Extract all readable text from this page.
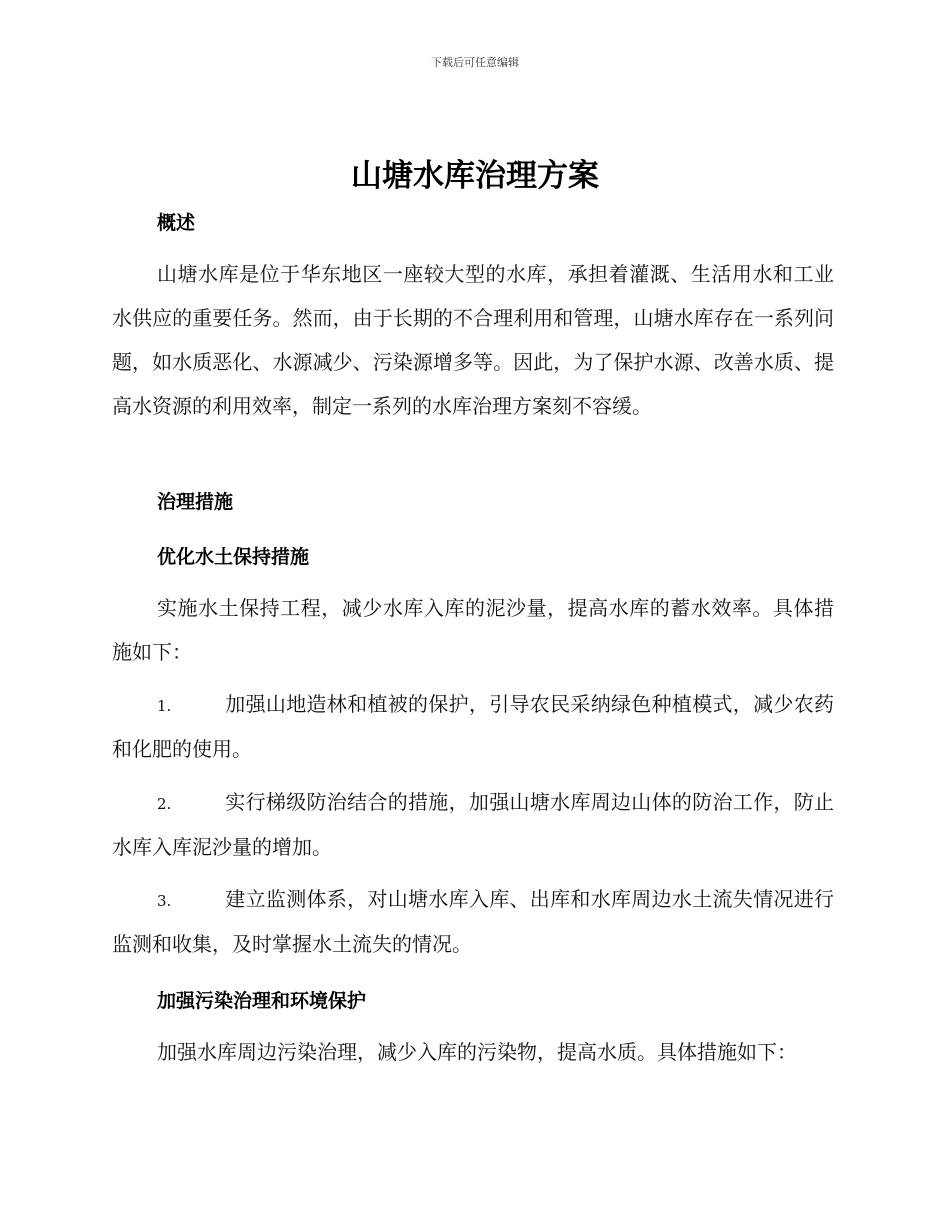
下载后可任意编辑
山塘水库治理方案
概述

山塘水库是位于华东地区一座较大型的水库，承担着灌溉、生活用水和工业水供应的重要任务。然而，由于长期的不合理利用和管理，山塘水库存在一系列问题，如水质恶化、水源减少、污染源增多等。因此，为了保护水源、改善水质、提高水资源的利用效率，制定一系列的水库治理方案刻不容缓。

治理措施
优化水土保持措施

实施水土保持工程，减少水库入库的泥沙量，提高水库的蓄水效率。具体措施如下：

1.	加强山地造林和植被的保护，引导农民采纳绿色种植模式，减少农药和化肥的使用。

2.	实行梯级防治结合的措施，加强山塘水库周边山体的防治工作，防止水库入库泥沙量的增加。

3.	建立监测体系，对山塘水库入库、出库和水库周边水土流失情况进行监测和收集，及时掌握水土流失的情况。

加强污染治理和环境保护

加强水库周边污染治理，减少入库的污染物，提高水质。具体措施如下：
